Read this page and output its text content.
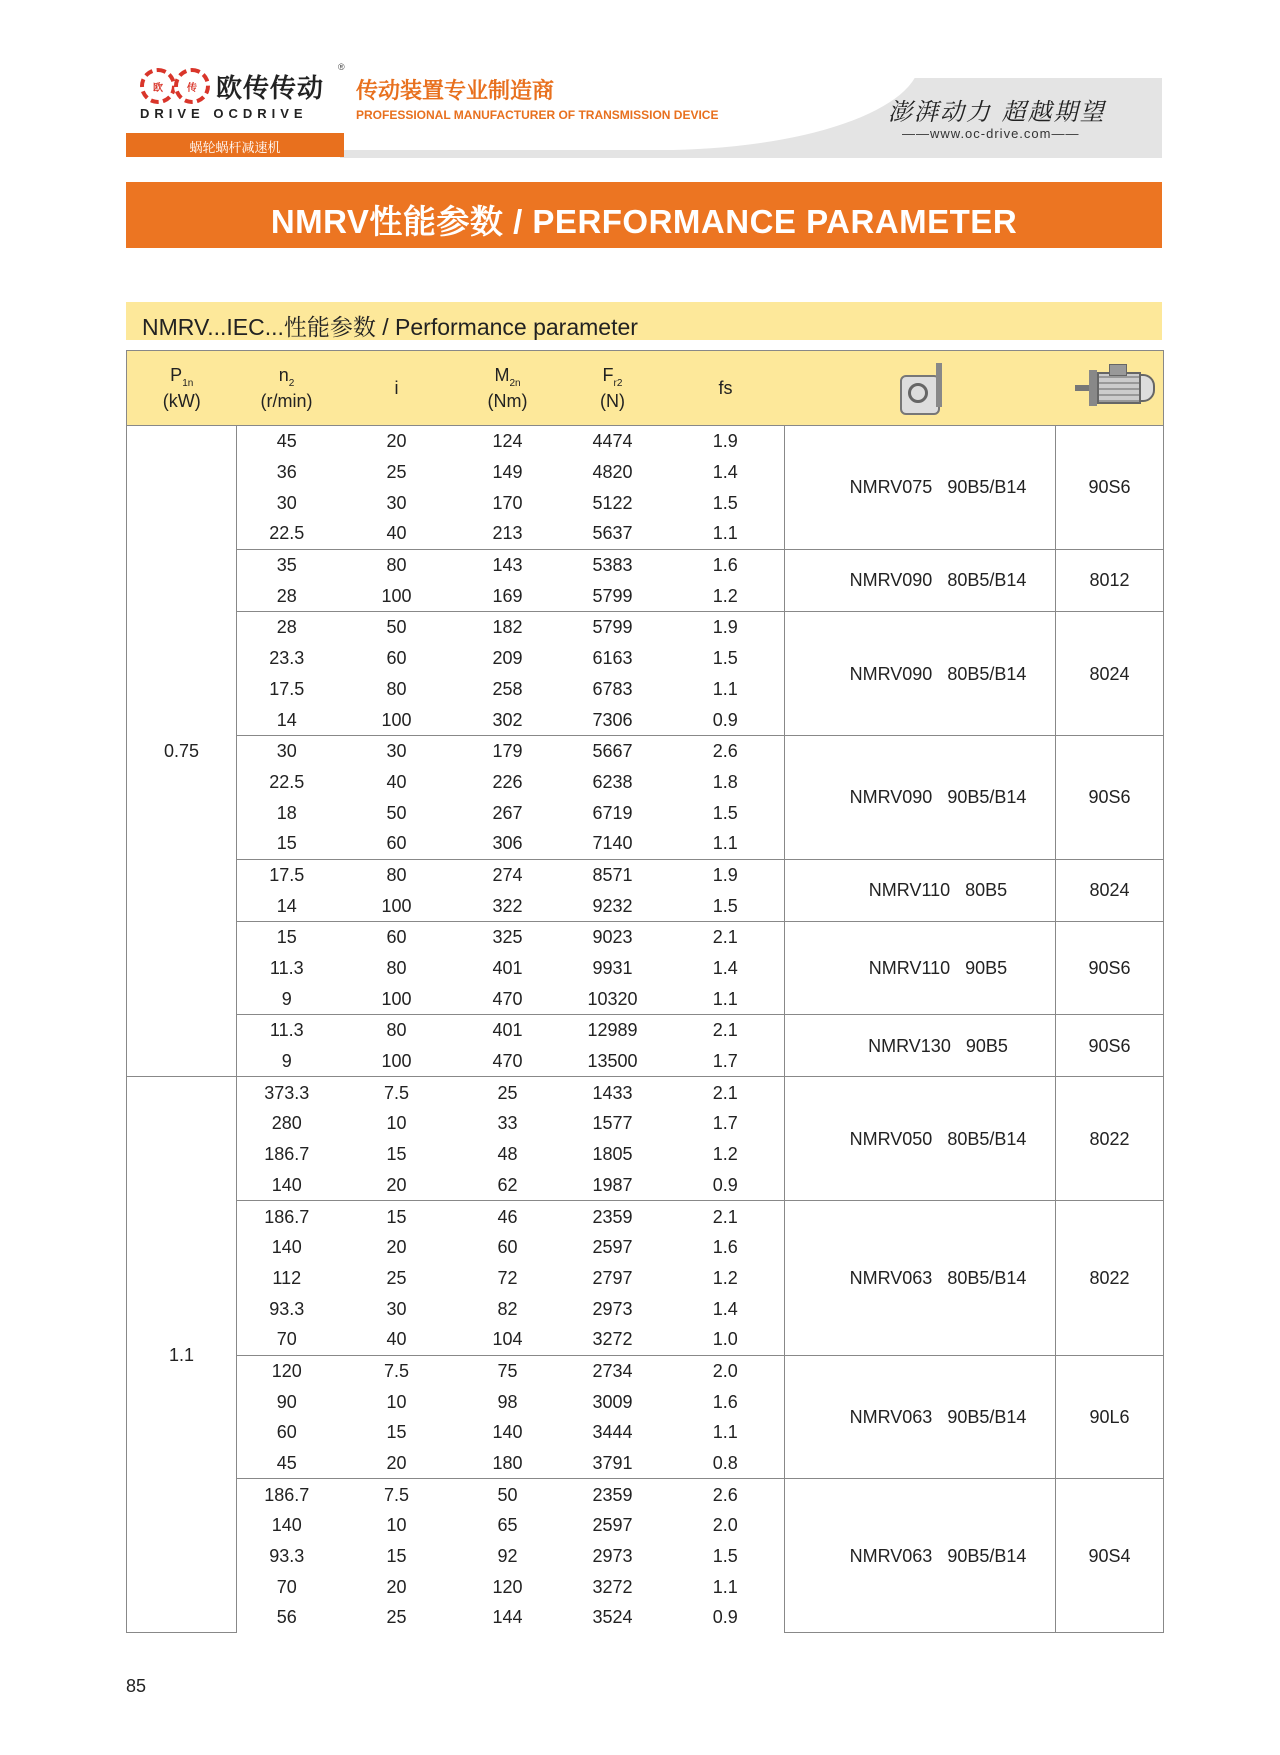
欧	传 欧传传动
DRIVE OCDRIVE
®
传动装置专业制造商
PROFESSIONAL MANUFACTURER OF TRANSMISSION DEVICE	澎湃动力 超越期望
——www.oc-drive.com——
蜗轮蜗杆减速机
NMRV性能参数 / PERFORMANCE PARAMETER
NMRV...IEC...性能参数 / Performance parameter
$P_{1n}$
(kW)	$n_2$
(r/min)	i	$M_{2n}$
(Nm)	$F_{r2}$
(N)	fs	

0.75	45	20	124	4474	1.9	NMRV075   90B5/B14	90S6
	36	25	149	4820	1.4		
	30	30	170	5122	1.5		
	22.5	40	213	5637	1.1		
	35	80	143	5383	1.6	NMRV090   80B5/B14	8012
	28	100	169	5799	1.2		
	28	50	182	5799	1.9	NMRV090   80B5/B14	8024
	23.3	60	209	6163	1.5		
	17.5	80	258	6783	1.1		
	14	100	302	7306	0.9		
	30	30	179	5667	2.6	NMRV090   90B5/B14	90S6
	22.5	40	226	6238	1.8		
	18	50	267	6719	1.5		
	15	60	306	7140	1.1		
	17.5	80	274	8571	1.9	NMRV110   80B5	8024
	14	100	322	9232	1.5		
	15	60	325	9023	2.1	NMRV110   90B5	90S6
	11.3	80	401	9931	1.4		
	9	100	470	10320	1.1		
	11.3	80	401	12989	2.1	NMRV130   90B5	90S6
	9	100	470	13500	1.7		
1.1	373.3	7.5	25	1433	2.1	NMRV050   80B5/B14	8022
	280	10	33	1577	1.7		
	186.7	15	48	1805	1.2		
	140	20	62	1987	0.9		
	186.7	15	46	2359	2.1	NMRV063   80B5/B14	8022
	140	20	60	2597	1.6		
	112	25	72	2797	1.2		
	93.3	30	82	2973	1.4		
	70	40	104	3272	1.0		
	120	7.5	75	2734	2.0	NMRV063   90B5/B14	90L6
	90	10	98	3009	1.6		
	60	15	140	3444	1.1		
	45	20	180	3791	0.8		
	186.7	7.5	50	2359	2.6	NMRV063   90B5/B14	90S4
	140	10	65	2597	2.0		
	93.3	15	92	2973	1.5		
	70	20	120	3272	1.1		
	56	25	144	3524	0.9		
85
